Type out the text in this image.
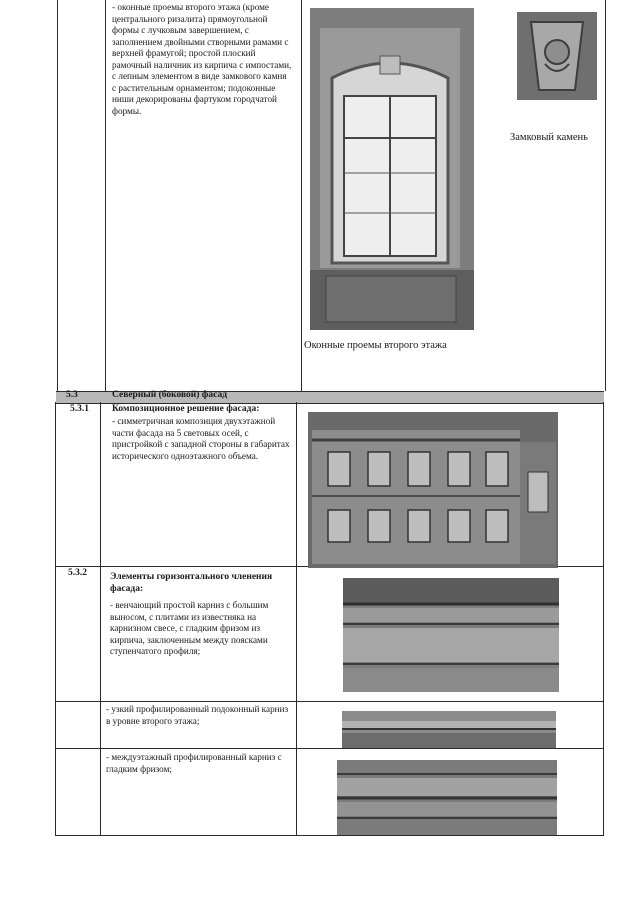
- оконные проемы второго этажа (кроме центрального ризалита) прямоугольной формы с лучковым завершением, с заполнением двойными створными рамами с верхней фрамугой; простой плоский рамочный наличник из кирпича с импостами, с лепным элементом в виде замкового камня с растительным орнаментом; подоконные ниши декорированы фартуком городчатой формы.
Замковый камень
Оконные проемы второго этажа
5.3	Северный (боковой) фасад
5.3.1 Композиционное решение фасада:
- симметричная композиция двухэтажной части фасада на 5 световых осей, с пристройкой с западной стороны в габаритах исторического одноэтажного объема.
5.3.2 Элементы горизонтального членения фасада:
- венчающий простой карниз с большим выносом, с плитами из известняка на карнизном свесе, с гладким фризом из кирпича, заключенным между поясками ступенчатого профиля;
- узкий профилированный подоконный карниз в уровне второго этажа;
- междуэтажный профилированный карниз с гладким фризом;
